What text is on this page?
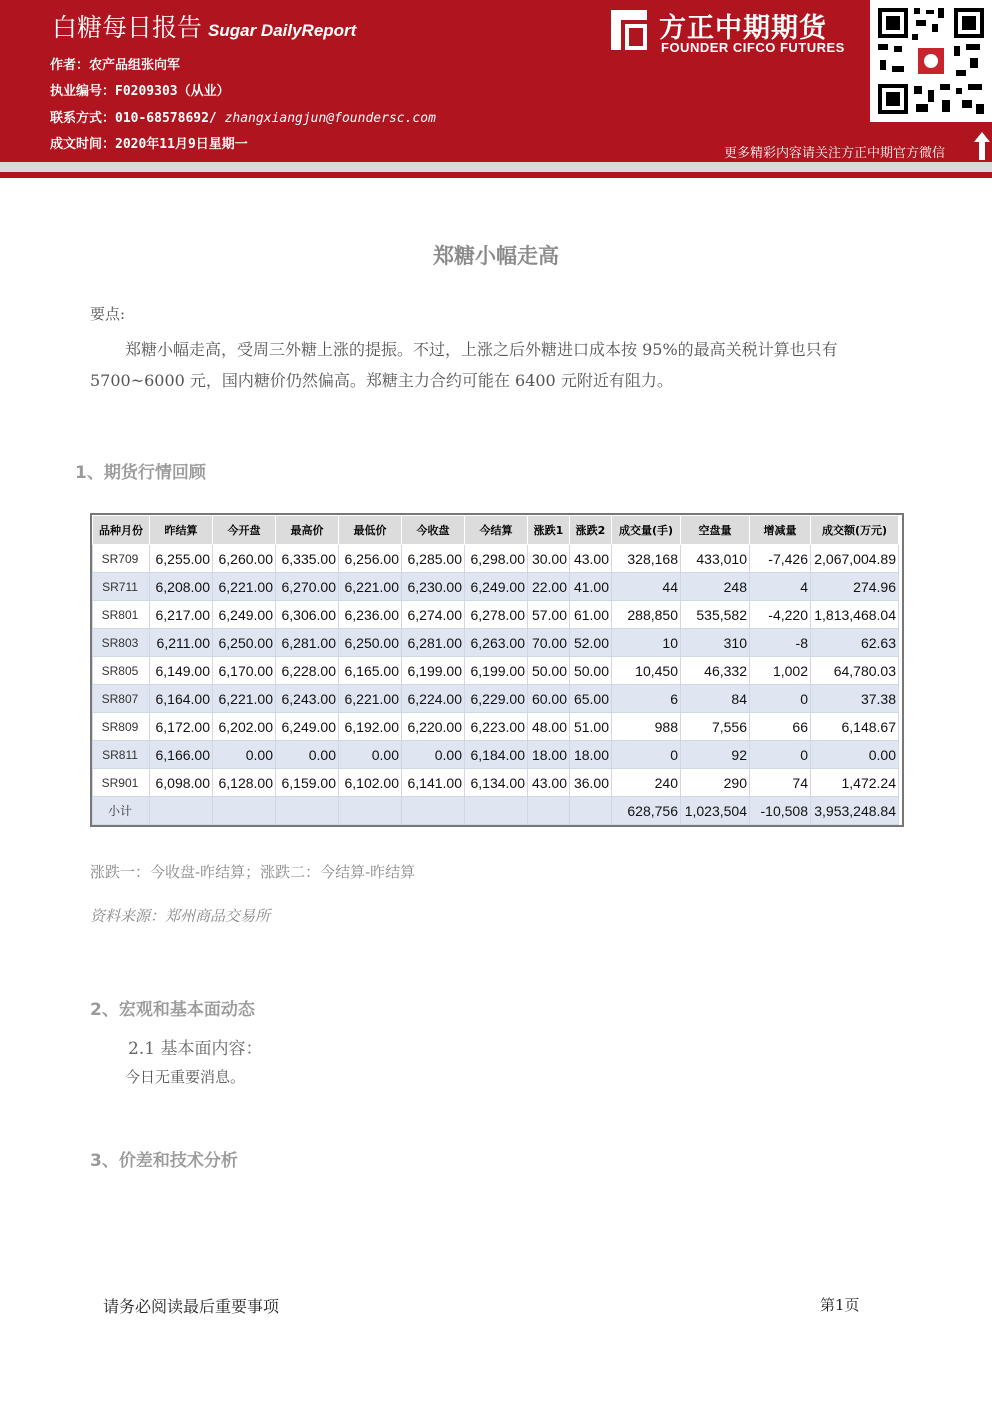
白糖每日报告 Sugar DailyReport
作者：农产品组张向军
执业编号：F0209303（从业）
联系方式：010-68578692/ zhangxiangjun@foundersc.com
成文时间：2020年11月9日星期一
方正中期期货
FOUNDER CIFCO FUTURES
更多精彩内容请关注方正中期官方微信
郑糖小幅走高
要点:
郑糖小幅走高，受周三外糖上涨的提振。不过，上涨之后外糖进口成本按 95%的最高关税计算也只有 5700~6000 元，国内糖价仍然偏高。郑糖主力合约可能在 6400 元附近有阻力。
1、期货行情回顾
品种月份	昨结算	今开盘	最高价	最低价	今收盘	今结算	涨跌1	涨跌2	成交量(手)	空盘量	增减量	成交额(万元)
SR709	6,255.00	6,260.00	6,335.00	6,256.00	6,285.00	6,298.00	30.00	43.00	328,168	433,010	-7,426	2,067,004.89
SR711	6,208.00	6,221.00	6,270.00	6,221.00	6,230.00	6,249.00	22.00	41.00	44	248	4	274.96
SR801	6,217.00	6,249.00	6,306.00	6,236.00	6,274.00	6,278.00	57.00	61.00	288,850	535,582	-4,220	1,813,468.04
SR803	6,211.00	6,250.00	6,281.00	6,250.00	6,281.00	6,263.00	70.00	52.00	10	310	-8	62.63
SR805	6,149.00	6,170.00	6,228.00	6,165.00	6,199.00	6,199.00	50.00	50.00	10,450	46,332	1,002	64,780.03
SR807	6,164.00	6,221.00	6,243.00	6,221.00	6,224.00	6,229.00	60.00	65.00	6	84	0	37.38
SR809	6,172.00	6,202.00	6,249.00	6,192.00	6,220.00	6,223.00	48.00	51.00	988	7,556	66	6,148.67
SR811	6,166.00	0.00	0.00	0.00	0.00	6,184.00	18.00	18.00	0	92	0	0.00
SR901	6,098.00	6,128.00	6,159.00	6,102.00	6,141.00	6,134.00	43.00	36.00	240	290	74	1,472.24
小计									628,756	1,023,504	-10,508	3,953,248.84
涨跌一：今收盘-昨结算；涨跌二：今结算-昨结算
资料来源：郑州商品交易所
2、宏观和基本面动态
2.1 基本面内容：
今日无重要消息。
3、价差和技术分析
请务必阅读最后重要事项	第1页
